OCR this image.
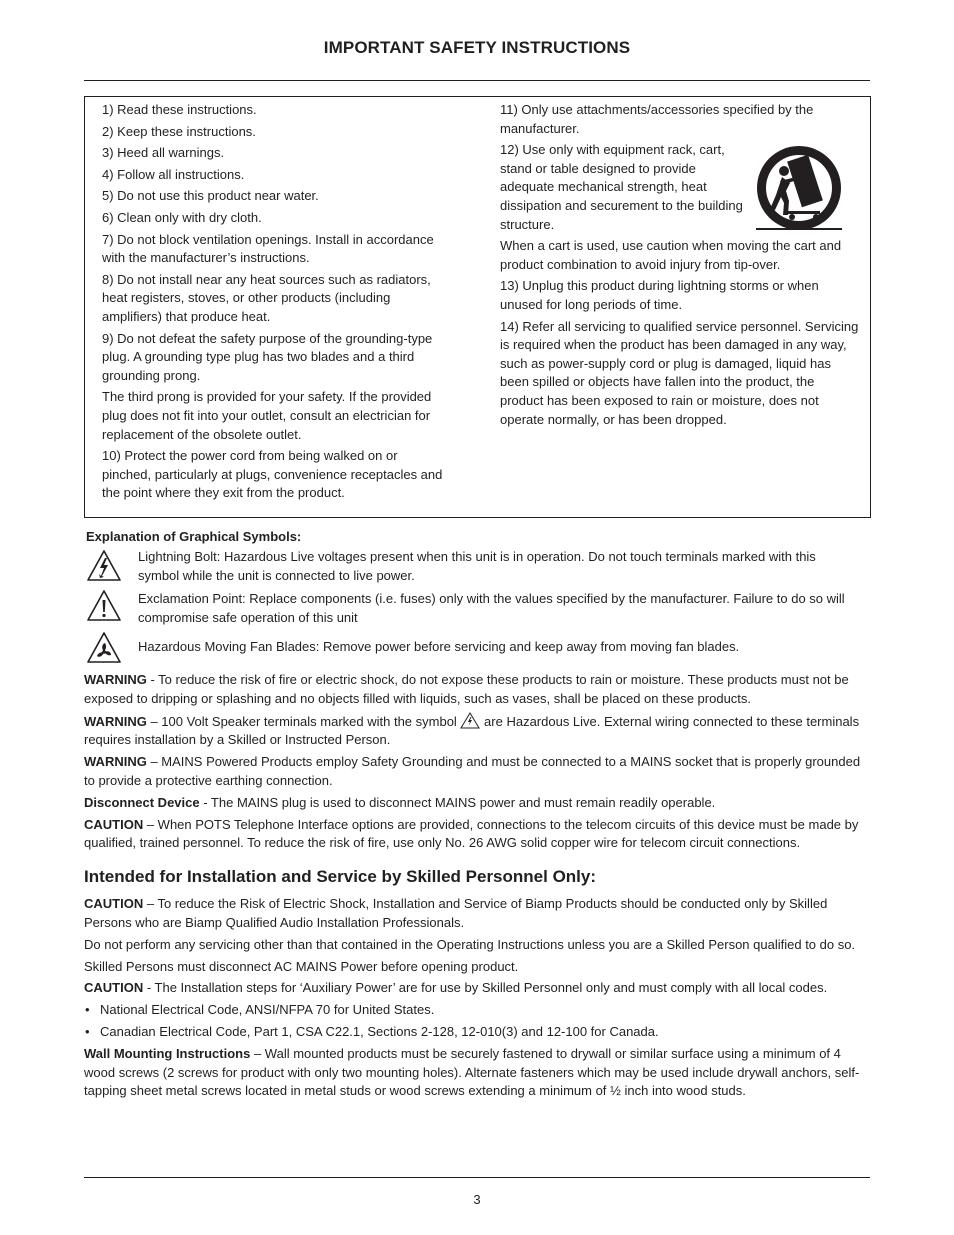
IMPORTANT SAFETY INSTRUCTIONS

1) Read these instructions.

2) Keep these instructions.

3) Heed all warnings.

4) Follow all instructions.

5) Do not use this product near water.

6) Clean only with dry cloth.

7) Do not block ventilation openings. Install in accordance with the manufacturer’s instructions.

8) Do not install near any heat sources such as radiators, heat registers, stoves, or other products (including amplifiers) that produce heat.

9) Do not defeat the safety purpose of the grounding-type plug. A grounding type plug has two blades and a third grounding prong.

The third prong is provided for your safety. If the provided plug does not fit into your outlet, consult an electrician for replacement of the obsolete outlet.

10) Protect the power cord from being walked on or pinched, particularly at plugs, convenience receptacles and the point where they exit from the product.

11) Only use attachments/accessories specified by the manufacturer.

12) Use only with equipment rack, cart, stand or table designed to provide adequate mechanical strength, heat dissipation and securement to the building structure.

When a cart is used, use caution when moving the cart and product combination to avoid injury from tip-over.

13) Unplug this product during lightning storms or when unused for long periods of time.

14) Refer all servicing to qualified service personnel. Servicing is required when the product has been damaged in any way, such as power-supply cord or plug is damaged, liquid has been spilled or objects have fallen into the product, the product has been exposed to rain or moisture, does not operate normally, or has been dropped.

Explanation of Graphical Symbols:
Lightning Bolt: Hazardous Live voltages present when this unit is in operation. Do not touch terminals marked with this symbol while the unit is connected to live power.
Exclamation Point: Replace components (i.e. fuses) only with the values specified by the manufacturer. Failure to do so will compromise safe operation of this unit
Hazardous Moving Fan Blades: Remove power before servicing and keep away from moving fan blades.

WARNING - To reduce the risk of fire or electric shock, do not expose these products to rain or moisture. These products must not be exposed to dripping or splashing and no objects filled with liquids, such as vases, shall be placed on these products.

WARNING – 100 Volt Speaker terminals marked with the symbol  are Hazardous Live. External wiring connected to these terminals requires installation by a Skilled or Instructed Person.

WARNING – MAINS Powered Products employ Safety Grounding and must be connected to a MAINS socket that is properly grounded to provide a protective earthing connection.

Disconnect Device - The MAINS plug is used to disconnect MAINS power and must remain readily operable.

CAUTION – When POTS Telephone Interface options are provided, connections to the telecom circuits of this device must be made by qualified, trained personnel. To reduce the risk of fire, use only No. 26 AWG solid copper wire for telecom circuit connections.

Intended for Installation and Service by Skilled Personnel Only:

CAUTION – To reduce the Risk of Electric Shock, Installation and Service of Biamp Products should be conducted only by Skilled Persons who are Biamp Qualified Audio Installation Professionals.

Do not perform any servicing other than that contained in the Operating Instructions unless you are a Skilled Person qualified to do so.

Skilled Persons must disconnect AC MAINS Power before opening product.

CAUTION - The Installation steps for ‘Auxiliary Power’ are for use by Skilled Personnel only and must comply with all local codes.

• National Electrical Code, ANSI/NFPA 70 for United States.

• Canadian Electrical Code, Part 1, CSA C22.1, Sections 2-128, 12-010(3) and 12-100 for Canada.

Wall Mounting Instructions – Wall mounted products must be securely fastened to drywall or similar surface using a minimum of 4 wood screws (2 screws for product with only two mounting holes). Alternate fasteners which may be used include drywall anchors, self-tapping sheet metal screws located in metal studs or wood screws extending a minimum of ½ inch into wood studs.

3
